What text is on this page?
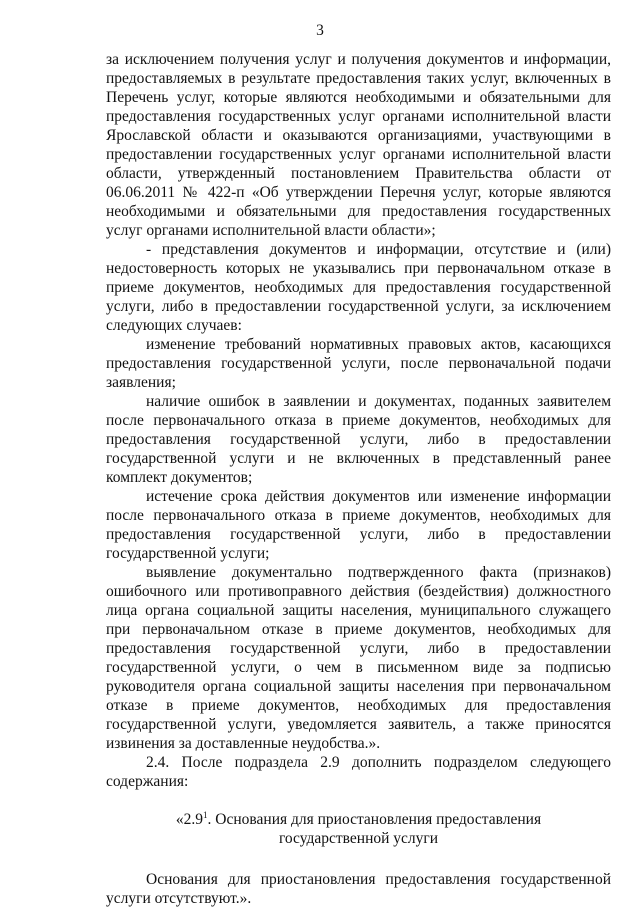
3

за исключением получения услуг и получения документов и информации, предоставляемых в результате предоставления таких услуг, включенных в Перечень услуг, которые являются необходимыми и обязательными для предоставления государственных услуг органами исполнительной власти Ярославской области и оказываются организациями, участвующими в предоставлении государственных услуг органами исполнительной власти области, утвержденный постановлением Правительства области от 06.06.2011 № 422-п «Об утверждении Перечня услуг, которые являются необходимыми и обязательными для предоставления государственных услуг органами исполнительной власти области»;

- представления документов и информации, отсутствие и (или) недостоверность которых не указывались при первоначальном отказе в приеме документов, необходимых для предоставления государственной услуги, либо в предоставлении государственной услуги, за исключением следующих случаев:

изменение требований нормативных правовых актов, касающихся предоставления государственной услуги, после первоначальной подачи заявления;

наличие ошибок в заявлении и документах, поданных заявителем после первоначального отказа в приеме документов, необходимых для предоставления государственной услуги, либо в предоставлении государственной услуги и не включенных в представленный ранее комплект документов;

истечение срока действия документов или изменение информации после первоначального отказа в приеме документов, необходимых для предоставления государственной услуги, либо в предоставлении государственной услуги;

выявление документально подтвержденного факта (признаков) ошибочного или противоправного действия (бездействия) должностного лица органа социальной защиты населения, муниципального служащего при первоначальном отказе в приеме документов, необходимых для предоставления государственной услуги, либо в предоставлении государственной услуги, о чем в письменном виде за подписью руководителя органа социальной защиты населения при первоначальном отказе в приеме документов, необходимых для предоставления государственной услуги, уведомляется заявитель, а также приносятся извинения за доставленные неудобства.».

2.4. После подраздела 2.9 дополнить подразделом следующего содержания:

«$2.9^1$. Основания для приостановления предоставления государственной услуги

Основания для приостановления предоставления государственной услуги отсутствуют.».
